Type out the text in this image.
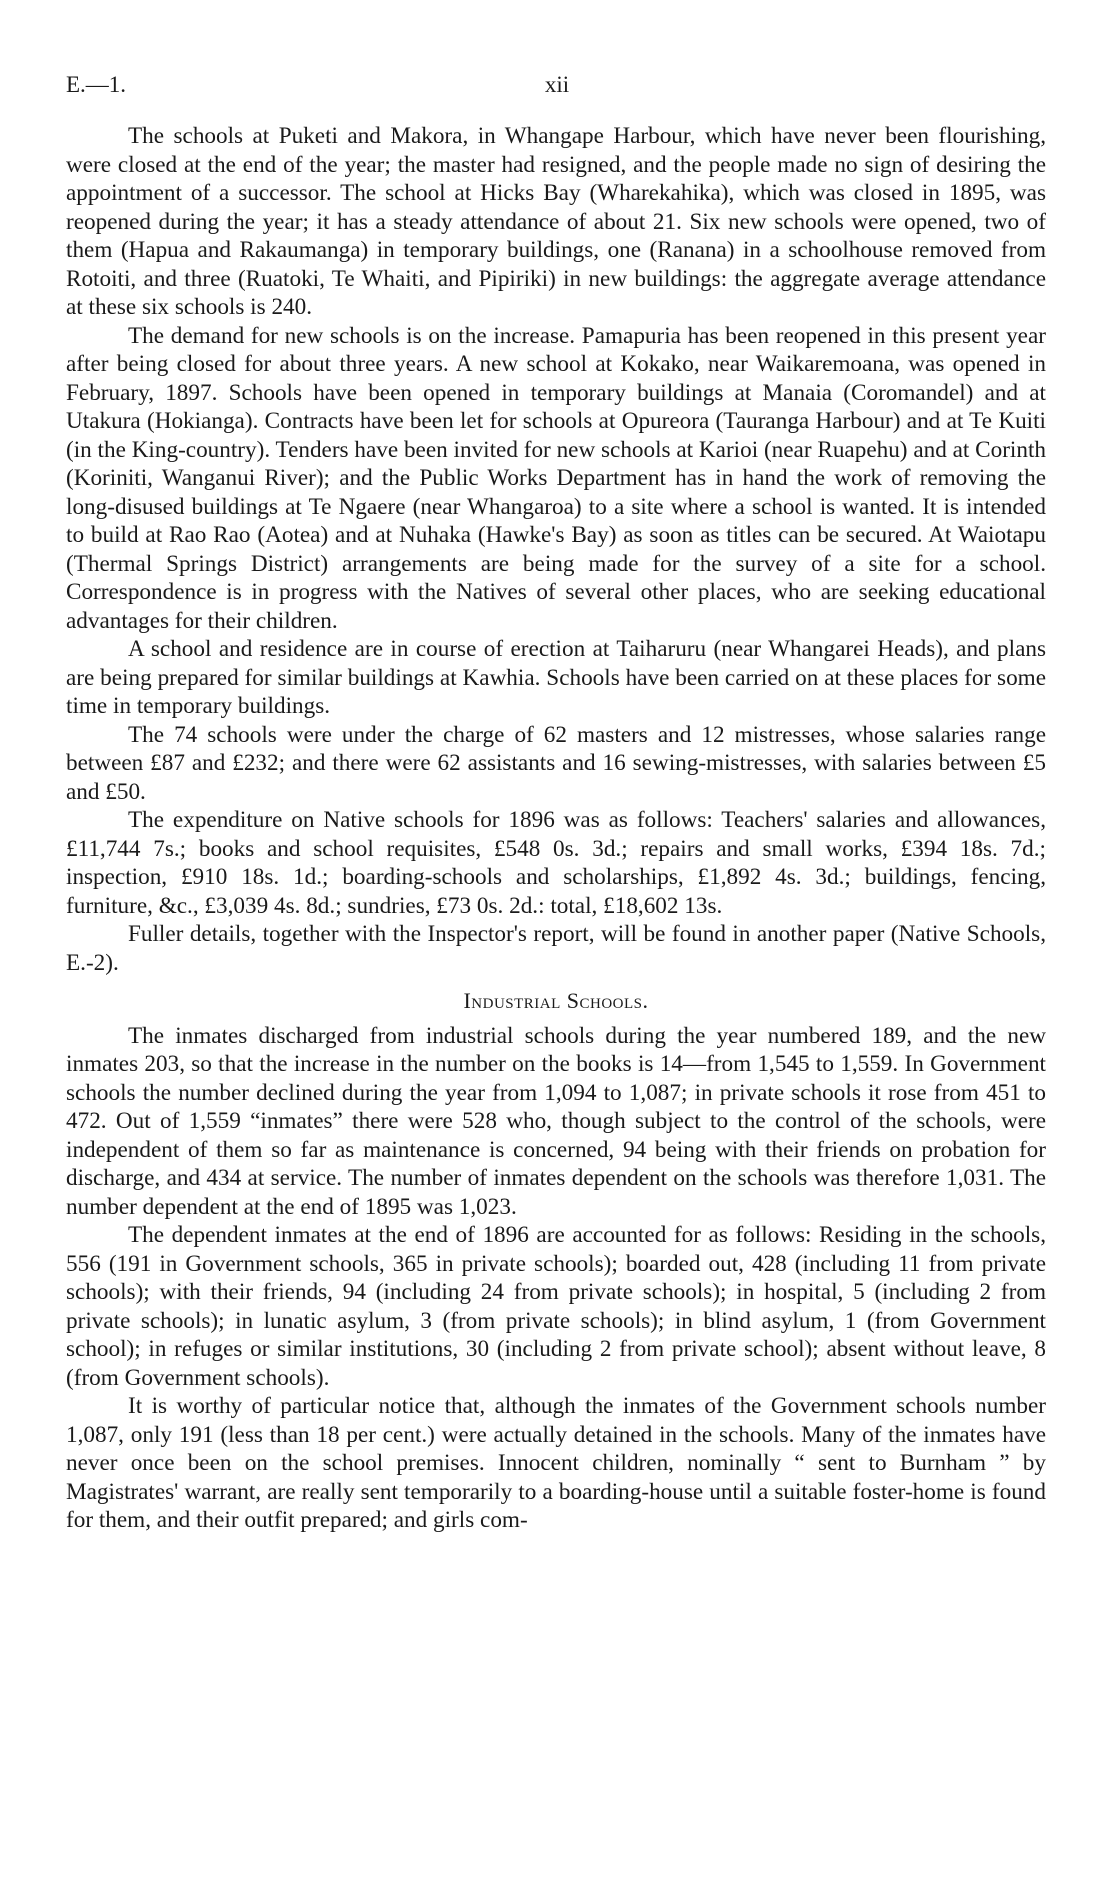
E.—1.	xii

The schools at Puketi and Makora, in Whangape Harbour, which have never been flourishing, were closed at the end of the year; the master had resigned, and the people made no sign of desiring the appointment of a successor. The school at Hicks Bay (Wharekahika), which was closed in 1895, was reopened during the year; it has a steady attendance of about 21. Six new schools were opened, two of them (Hapua and Rakaumanga) in temporary buildings, one (Ranana) in a schoolhouse removed from Rotoiti, and three (Ruatoki, Te Whaiti, and Pipiriki) in new buildings: the aggregate average attendance at these six schools is 240.

The demand for new schools is on the increase. Pamapuria has been reopened in this present year after being closed for about three years. A new school at Kokako, near Waikaremoana, was opened in February, 1897. Schools have been opened in temporary buildings at Manaia (Coromandel) and at Utakura (Hokianga). Contracts have been let for schools at Opureora (Tauranga Harbour) and at Te Kuiti (in the King-country). Tenders have been invited for new schools at Karioi (near Ruapehu) and at Corinth (Koriniti, Wanganui River); and the Public Works Department has in hand the work of removing the long-disused buildings at Te Ngaere (near Whangaroa) to a site where a school is wanted. It is intended to build at Rao Rao (Aotea) and at Nuhaka (Hawke's Bay) as soon as titles can be secured. At Waiotapu (Thermal Springs District) arrangements are being made for the survey of a site for a school. Correspondence is in progress with the Natives of several other places, who are seeking educational advantages for their children.

A school and residence are in course of erection at Taiharuru (near Whangarei Heads), and plans are being prepared for similar buildings at Kawhia. Schools have been carried on at these places for some time in temporary buildings.

The 74 schools were under the charge of 62 masters and 12 mistresses, whose salaries range between £87 and £232; and there were 62 assistants and 16 sewing-mistresses, with salaries between £5 and £50.

The expenditure on Native schools for 1896 was as follows: Teachers' salaries and allowances, £11,744 7s.; books and school requisites, £548 0s. 3d.; repairs and small works, £394 18s. 7d.; inspection, £910 18s. 1d.; boarding-schools and scholarships, £1,892 4s. 3d.; buildings, fencing, furniture, &c., £3,039 4s. 8d.; sundries, £73 0s. 2d.: total, £18,602 13s.

Fuller details, together with the Inspector's report, will be found in another paper (Native Schools, E.-2).

Industrial Schools.

The inmates discharged from industrial schools during the year numbered 189, and the new inmates 203, so that the increase in the number on the books is 14—from 1,545 to 1,559. In Government schools the number declined during the year from 1,094 to 1,087; in private schools it rose from 451 to 472. Out of 1,559 “inmates” there were 528 who, though subject to the control of the schools, were independent of them so far as maintenance is concerned, 94 being with their friends on probation for discharge, and 434 at service. The number of inmates dependent on the schools was therefore 1,031. The number dependent at the end of 1895 was 1,023.

The dependent inmates at the end of 1896 are accounted for as follows: Residing in the schools, 556 (191 in Government schools, 365 in private schools); boarded out, 428 (including 11 from private schools); with their friends, 94 (including 24 from private schools); in hospital, 5 (including 2 from private schools); in lunatic asylum, 3 (from private schools); in blind asylum, 1 (from Government school); in refuges or similar institutions, 30 (including 2 from private school); absent without leave, 8 (from Government schools).

It is worthy of particular notice that, although the inmates of the Government schools number 1,087, only 191 (less than 18 per cent.) were actually detained in the schools. Many of the inmates have never once been on the school premises. Innocent children, nominally “ sent to Burnham ” by Magistrates' warrant, are really sent temporarily to a boarding-house until a suitable foster-home is found for them, and their outfit prepared; and girls com-
